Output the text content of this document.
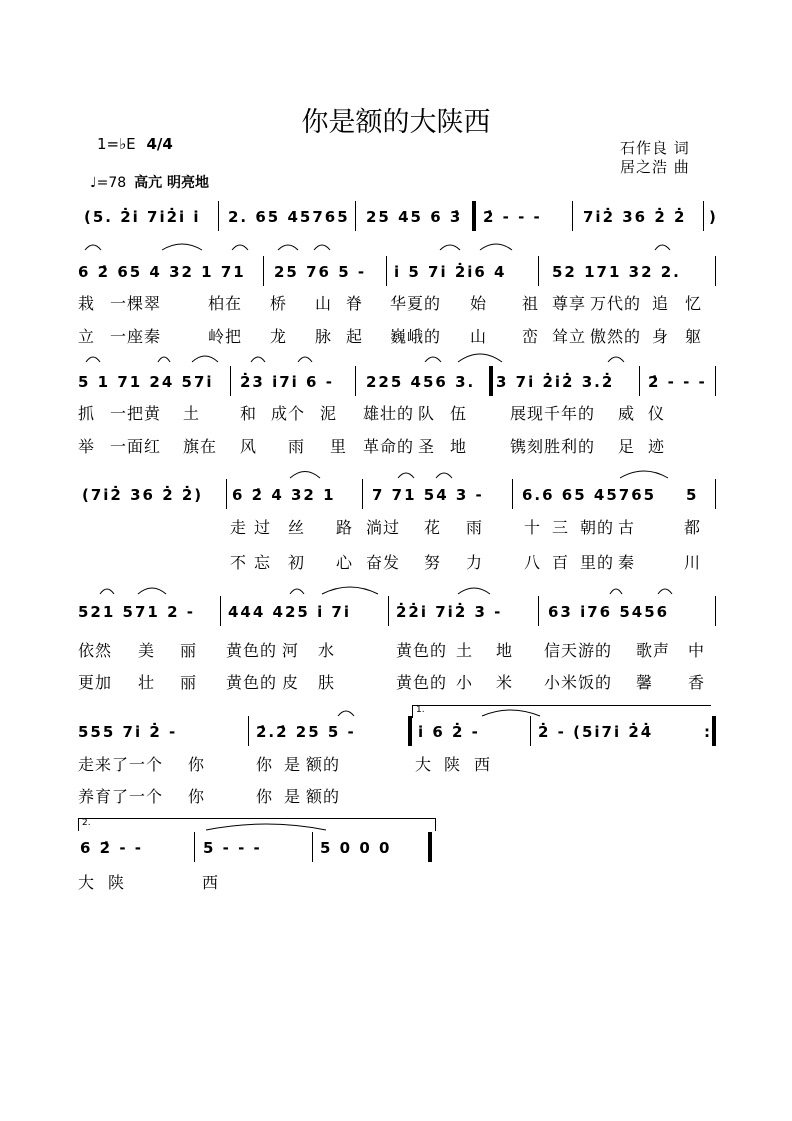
你是额的大陕西
1=♭E 4/4	石作良 词
居之浩 曲
♩=78 高亢 明亮地
(5. 2̇i 7i2̇i i 2. 65 45765 25 45 6 3̇ 2̇ - - -	7i2̇ 36 2̇ 2̇ )
6 2̇ 65 4 32 1 71 25 76 5 - i 5 7i 2̇i6 4	52 171 32 2.
栽 一棵翠	柏在 桥 山 脊 华夏的 始 祖 尊享 万代的 追 忆
立 一座秦	岭把 龙 脉 起 巍峨的 山 峦 耸立 傲然的 身 躯
5 1 71 24 57i 2̇3 i7i 6 - 225 456 3. 3 7i 2̇i2̇ 3.2̇ 2̇ - - -
抓 一把黄 土 和 成个 泥 雄壮的 队 伍	展现 千年的 威 仪
举 一面红 旗在 风 雨 里 革命的 圣 地	镌刻 胜利的 足 迹
(7i2̇ 36 2̇ 2̇) 6 2̇ 4 32 1 7 71 54 3 -	6.6 65 45765 5
走 过 丝 路 淌过 花 雨	十 三 朝的 古	都
不 忘 初 心 奋发 努 力	八 百 里的 秦	川
521 571 2 - 444 425 i 7i	2̇2̇i 7i2̇ 3 -	63 i76 5456
依然 美 丽 黄色的 河 水	黄色的 土 地 信天游的 歌声 中
更加 壮 丽 黄色的 皮 肤	黄色的 小 米 小米饭的 馨 香
555 7i 2̇ -	2̇.2̇ 25 5 -	i 6 2̇ -	2̇ - (5i7i 2̇4̇	:
1.
走来了一个 你	你 是 额的	大 陕 西
养育了一个 你	你 是 额的
2.
6 2̇ - -	5 - - -	5 0 0 0
大 陕	西
